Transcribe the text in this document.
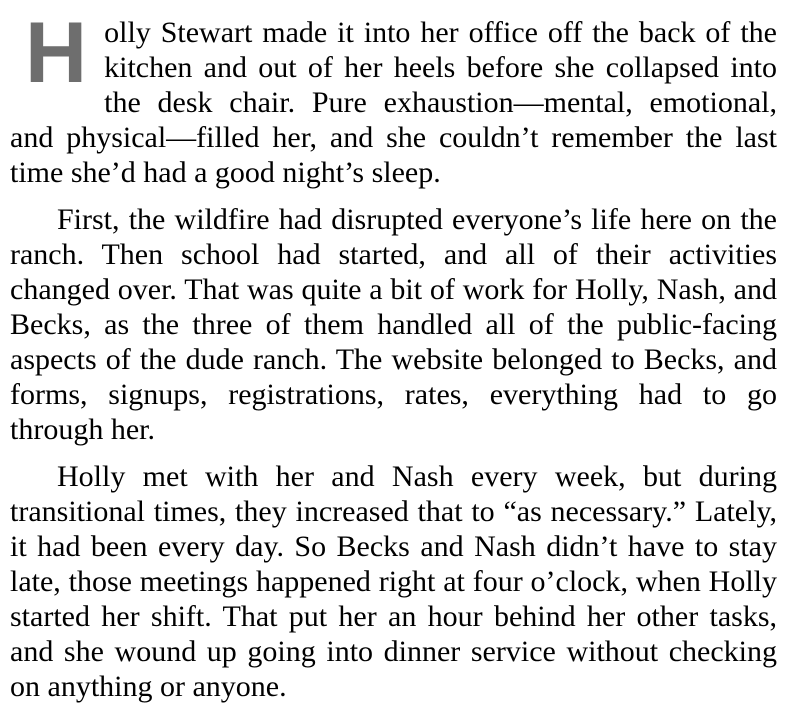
Holly Stewart made it into her office off the back of the kitchen and out of her heels before she collapsed into the desk chair. Pure exhaustion—mental, emotional, and physical—filled her, and she couldn’t remember the last time she’d had a good night’s sleep.

First, the wildfire had disrupted everyone’s life here on the ranch. Then school had started, and all of their activities changed over. That was quite a bit of work for Holly, Nash, and Becks, as the three of them handled all of the public-facing aspects of the dude ranch. The website belonged to Becks, and forms, signups, registrations, rates, everything had to go through her.

Holly met with her and Nash every week, but during transitional times, they increased that to “as necessary.” Lately, it had been every day. So Becks and Nash didn’t have to stay late, those meetings happened right at four o’clock, when Holly started her shift. That put her an hour behind her other tasks, and she wound up going into dinner service without checking on anything or anyone.
